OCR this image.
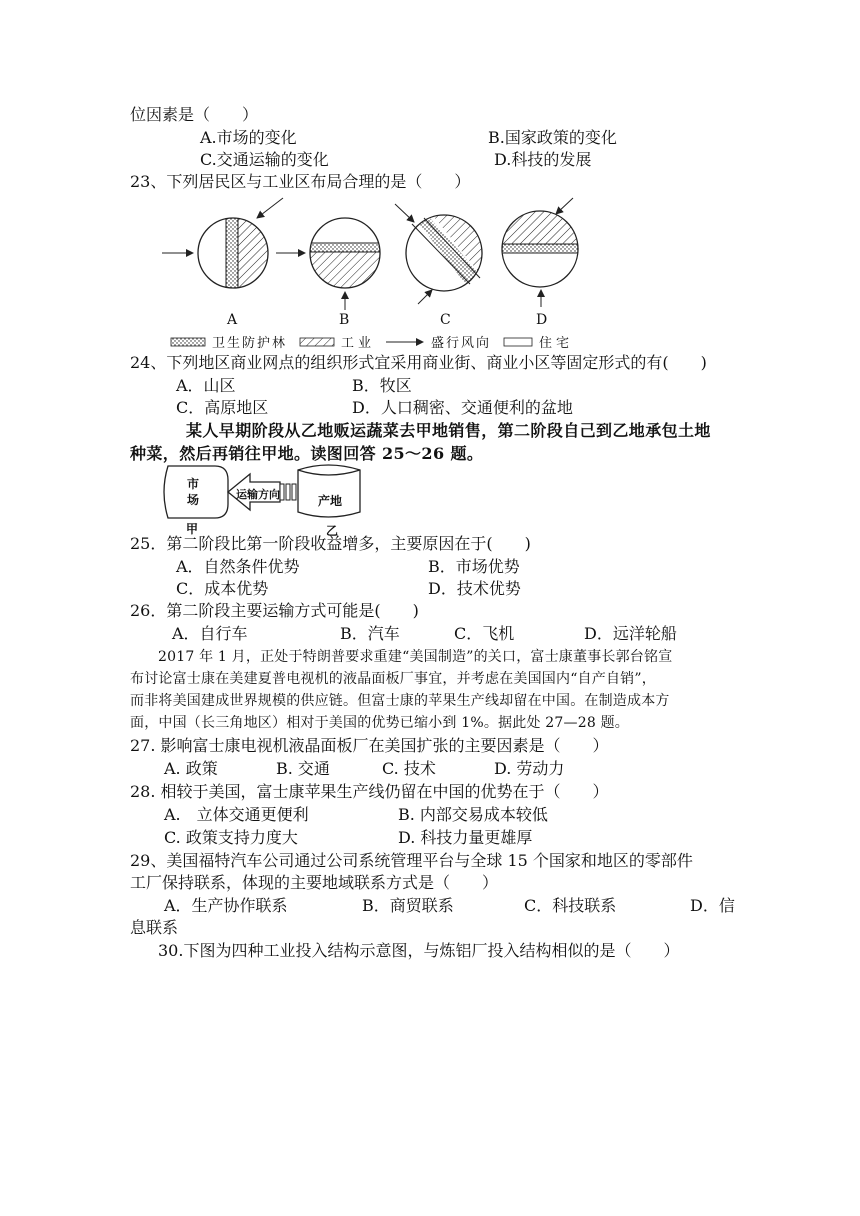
位因素是（　　）
A.市场的变化	B.国家政策的变化
C.交通运输的变化	D.科技的发展
23、下列居民区与工业区布局合理的是（　　）
A	B	C	D
卫生防护林	工业	盛行风向	住宅
24、下列地区商业网点的组织形式宜采用商业街、商业小区等固定形式的有(　　)
A．山区	B．牧区
C．高原地区	D．人口稠密、交通便利的盆地
某人早期阶段从乙地贩运蔬菜去甲地销售，第二阶段自己到乙地承包土地
种菜，然后再销往甲地。读图回答 25～26 题。
市
场	运输方向	产地
甲	乙
25．第二阶段比第一阶段收益增多，主要原因在于(　　)
A．自然条件优势	B．市场优势
C．成本优势	D．技术优势
26．第二阶段主要运输方式可能是(　　)
A．自行车	B．汽车	C．飞机	D．远洋轮船
2017 年 1 月，正处于特朗普要求重建“美国制造”的关口，富士康董事长郭台铭宣
布讨论富士康在美建夏普电视机的液晶面板厂事宜，并考虑在美国国内“自产自销”，
而非将美国建成世界规模的供应链。但富士康的苹果生产线却留在中国。在制造成本方
面，中国（长三角地区）相对于美国的优势已缩小到 1%。据此处 27—28 题。
27. 影响富士康电视机液晶面板厂在美国扩张的主要因素是（　　）
A. 政策	B. 交通	C. 技术	D. 劳动力
28. 相较于美国，富士康苹果生产线仍留在中国的优势在于（　　）
A.　立体交通更便利	B. 内部交易成本较低
C. 政策支持力度大	D. 科技力量更雄厚
29、美国福特汽车公司通过公司系统管理平台与全球 15 个国家和地区的零部件
工厂保持联系，体现的主要地域联系方式是（　　）
A．生产协作联系	B．商贸联系	C．科技联系	D．信
息联系
30.下图为四种工业投入结构示意图，与炼铝厂投入结构相似的是（　　）
